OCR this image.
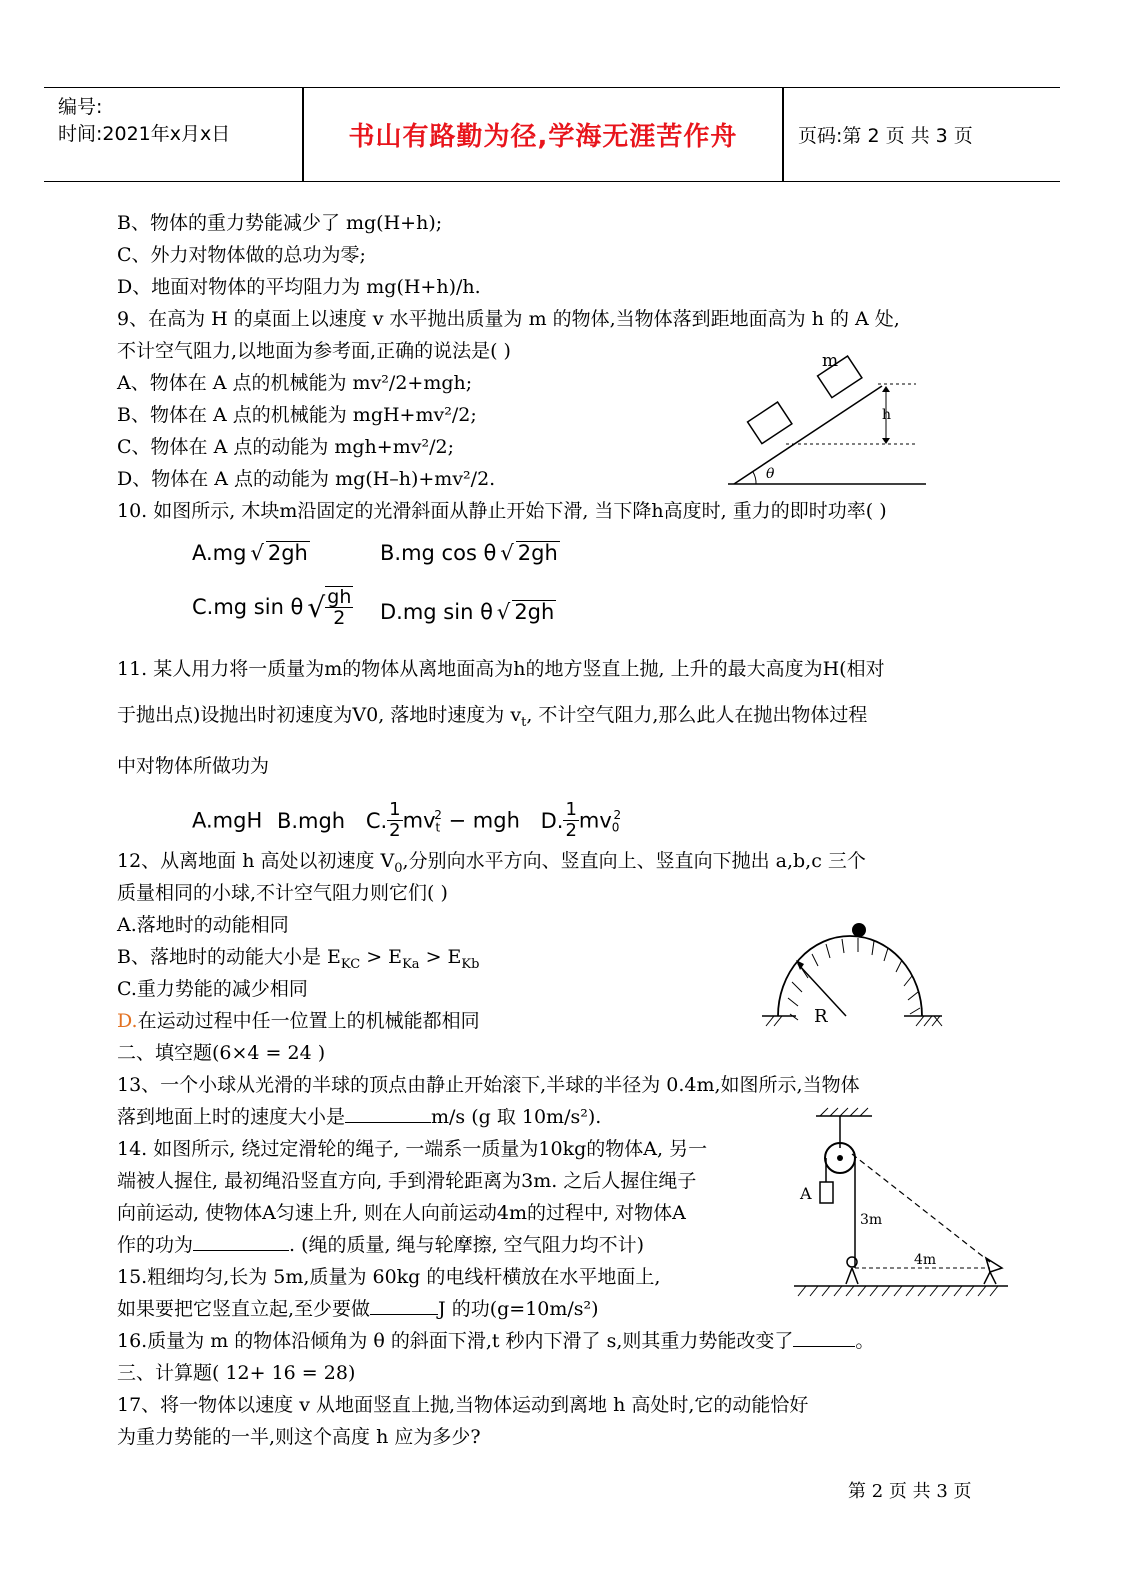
编号:
时间:2021年x月x日	书山有路勤为径,学海无涯苦作舟	页码:第 2 页 共 3 页
B、物体的重力势能减少了 mg(H+h);
C、外力对物体做的总功为零;
D、地面对物体的平均阻力为 mg(H+h)/h.
9、在高为 H 的桌面上以速度 v 水平抛出质量为 m 的物体,当物体落到距地面高为 h 的 A 处,
不计空气阻力,以地面为参考面,正确的说法是( )
A、物体在 A 点的机械能为 mv²/2+mgh;
B、物体在 A 点的机械能为 mgH+mv²/2;
C、物体在 A 点的动能为 mgh+mv²/2;
D、物体在 A 点的动能为 mg(H–h)+mv²/2.
m
h
θ
10. 如图所示, 木块m沿固定的光滑斜面从静止开始下滑, 当下降h高度时, 重力的即时功率( )
A.mg √ 2gh	B.mg cos θ √ 2gh
C.mg sin θ √ $\frac{gh}{2} D.mg$ sin θ √ 2gh
11. 某人用力将一质量为m的物体从离地面高为h的地方竖直上抛, 上升的最大高度为H(相对
于抛出点)设抛出时初速度为V0, 落地时速度为 $v_t$, 不计空气阻力,那么此人在抛出物体过程
中对物体所做功为
A.mgH B.mgh C. $\frac{1}{2} mv_t^2$ − mgh D. $\frac{1}{2} mv_0^2$
12、从离地面 h 高处以初速度 $V_0$,分别向水平方向、竖直向上、竖直向下抛出 a,b,c 三个
质量相同的小球,不计空气阻力则它们( )
A.落地时的动能相同
B、落地时的动能大小是 $E_{KC} > E_{Ka} > E_{Kb}$
C.重力势能的减少相同
D.在运动过程中任一位置上的机械能都相同	R
二、填空题(6×4 = 24 )
13、一个小球从光滑的半球的顶点由静止开始滚下,半球的半径为 0.4m,如图所示,当物体
落到地面上时的速度大小是	m/s (g 取 10m/s²).
14. 如图所示, 绕过定滑轮的绳子, 一端系一质量为10kg的物体A, 另一
端被人握住, 最初绳沿竖直方向, 手到滑轮距离为3m. 之后人握住绳子
向前运动, 使物体A匀速上升, 则在人向前运动4m的过程中, 对物体A
作的功为	. (绳的质量, 绳与轮摩擦, 空气阻力均不计)
A
3m
4m
15.粗细均匀,长为 5m,质量为 60kg 的电线杆横放在水平地面上,
如果要把它竖直立起,至少要做	J 的功(g=10m/s²)
16.质量为 m 的物体沿倾角为 θ 的斜面下滑,t 秒内下滑了 s,则其重力势能改变了	。
三、计算题( 12+ 16 = 28)
17、将一物体以速度 v 从地面竖直上抛,当物体运动到离地 h 高处时,它的动能恰好
为重力势能的一半,则这个高度 h 应为多少?
第 2 页 共 3 页
